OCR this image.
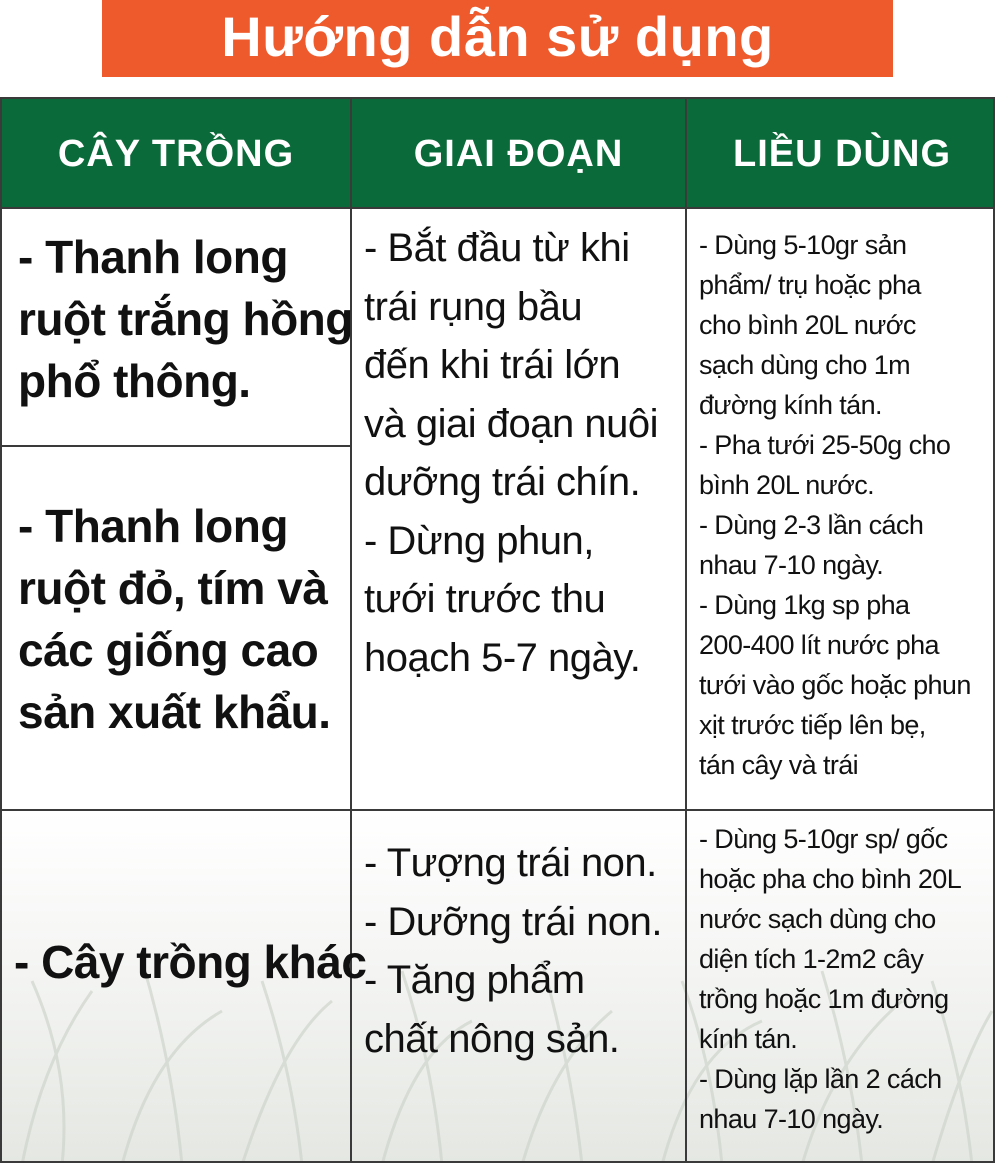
Hướng dẫn sử dụng
CÂY TRỒNG	GIAI ĐOẠN	LIỀU DÙNG
- Thanh long
ruột trắng hồng
phổ thông.
- Thanh long
ruột đỏ, tím và
các giống cao
sản xuất khẩu.
- Bắt đầu từ khi
trái rụng bầu
đến khi trái lớn
và giai đoạn nuôi
dưỡng trái chín.
- Dừng phun,
tưới trước thu
hoạch 5-7 ngày.
- Dùng 5-10gr sản
phẩm/ trụ hoặc pha
cho bình 20L nước
sạch dùng cho 1m
đường kính tán.
- Pha tưới 25-50g cho
bình 20L nước.
- Dùng 2-3 lần cách
nhau 7-10 ngày.
- Dùng 1kg sp pha
200-400 lít nước pha
tưới vào gốc hoặc phun
xịt trước tiếp lên bẹ,
tán cây và trái
- Cây trồng khác
- Tượng trái non.
- Dưỡng trái non.
- Tăng phẩm
chất nông sản.
- Dùng 5-10gr sp/ gốc
hoặc pha cho bình 20L
nước sạch dùng cho
diện tích 1-2m2 cây
trồng hoặc 1m đường
kính tán.
- Dùng lặp lần 2 cách
nhau 7-10 ngày.
